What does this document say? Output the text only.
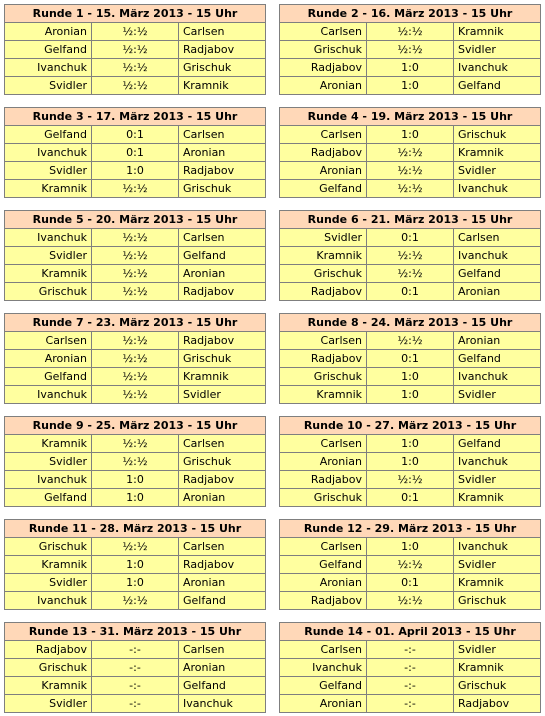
Runde 1 - 15. März 2013 - 15 Uhr		
Aronian	½:½	Carlsen
Gelfand	½:½	Radjabov
Ivanchuk	½:½	Grischuk
Svidler	½:½	Kramnik
Runde 2 - 16. März 2013 - 15 Uhr		
Carlsen	½:½	Kramnik
Grischuk	½:½	Svidler
Radjabov	1:0	Ivanchuk
Aronian	1:0	Gelfand
Runde 3 - 17. März 2013 - 15 Uhr		
Gelfand	0:1	Carlsen
Ivanchuk	0:1	Aronian
Svidler	1:0	Radjabov
Kramnik	½:½	Grischuk
Runde 4 - 19. März 2013 - 15 Uhr		
Carlsen	1:0	Grischuk
Radjabov	½:½	Kramnik
Aronian	½:½	Svidler
Gelfand	½:½	Ivanchuk
Runde 5 - 20. März 2013 - 15 Uhr		
Ivanchuk	½:½	Carlsen
Svidler	½:½	Gelfand
Kramnik	½:½	Aronian
Grischuk	½:½	Radjabov
Runde 6 - 21. März 2013 - 15 Uhr		
Svidler	0:1	Carlsen
Kramnik	½:½	Ivanchuk
Grischuk	½:½	Gelfand
Radjabov	0:1	Aronian
Runde 7 - 23. März 2013 - 15 Uhr		
Carlsen	½:½	Radjabov
Aronian	½:½	Grischuk
Gelfand	½:½	Kramnik
Ivanchuk	½:½	Svidler
Runde 8 - 24. März 2013 - 15 Uhr		
Carlsen	½:½	Aronian
Radjabov	0:1	Gelfand
Grischuk	1:0	Ivanchuk
Kramnik	1:0	Svidler
Runde 9 - 25. März 2013 - 15 Uhr		
Kramnik	½:½	Carlsen
Svidler	½:½	Grischuk
Ivanchuk	1:0	Radjabov
Gelfand	1:0	Aronian
Runde 10 - 27. März 2013 - 15 Uhr		
Carlsen	1:0	Gelfand
Aronian	1:0	Ivanchuk
Radjabov	½:½	Svidler
Grischuk	0:1	Kramnik
Runde 11 - 28. März 2013 - 15 Uhr		
Grischuk	½:½	Carlsen
Kramnik	1:0	Radjabov
Svidler	1:0	Aronian
Ivanchuk	½:½	Gelfand
Runde 12 - 29. März 2013 - 15 Uhr		
Carlsen	1:0	Ivanchuk
Gelfand	½:½	Svidler
Aronian	0:1	Kramnik
Radjabov	½:½	Grischuk
Runde 13 - 31. März 2013 - 15 Uhr		
Radjabov	-:-	Carlsen
Grischuk	-:-	Aronian
Kramnik	-:-	Gelfand
Svidler	-:-	Ivanchuk
Runde 14 - 01. April 2013 - 15 Uhr		
Carlsen	-:-	Svidler
Ivanchuk	-:-	Kramnik
Gelfand	-:-	Grischuk
Aronian	-:-	Radjabov
